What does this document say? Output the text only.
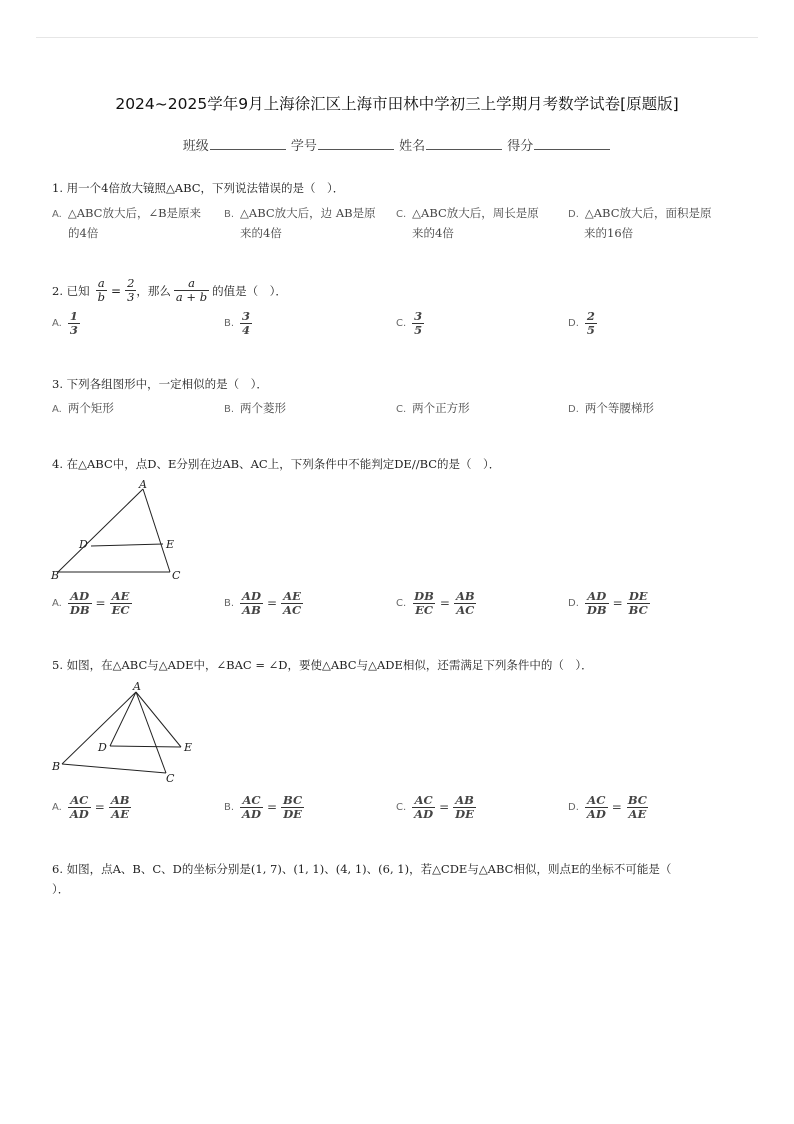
2024~2025学年9月上海徐汇区上海市田林中学初三上学期月考数学试卷[原题版]
班级	学号	姓名	得分
1. 用一个4倍放大镜照△ABC，下列说法错误的是（　）．
A. △ABC放大后，∠B是原来
的4倍
B. △ABC放大后，边 AB是原
来的4倍
C. △ABC放大后，周长是原
来的4倍
D. △ABC放大后，面积是原
来的16倍
2. 已知 $\frac{a}{b} = \frac{2}{3}$ ，那么 $\frac{a}{a + b}$ 的值是（　）．
A. $\frac{1}{3}$	B. $\frac{3}{4}$	C. $\frac{3}{5}$	D. $\frac{2}{5}$
3. 下列各组图形中，一定相似的是（　）．
A. 两个矩形	B. 两个菱形	C. 两个正方形	D. 两个等腰梯形
4. 在△ABC中，点D、E分别在边AB、AC上，下列条件中不能判定DE//BC的是（　）．
A
B	C
D	E
A. $\frac{AD}{DB} = \frac{AE}{EC}$	B. $\frac{AD}{AB} = \frac{AE}{AC}$	C. $\frac{DB}{EC} = \frac{AB}{AC}$	D. $\frac{AD}{DB} = \frac{DE}{BC}$
5. 如图，在△ABC与△ADE中，∠BAC = ∠D，要使△ABC与△ADE相似，还需满足下列条件中的（　）．
A
B
C
D	E
A. $\frac{AC}{AD} = \frac{AB}{AE}$	B. $\frac{AC}{AD} = \frac{BC}{DE}$	C. $\frac{AC}{AD} = \frac{AB}{DE}$	D. $\frac{AC}{AD} = \frac{BC}{AE}$
6. 如图，点A、B、C、D的坐标分别是(1, 7)、(1, 1)、(4, 1)、(6, 1)，若△CDE与△ABC相似，则点E的坐标不可能是（
）．
